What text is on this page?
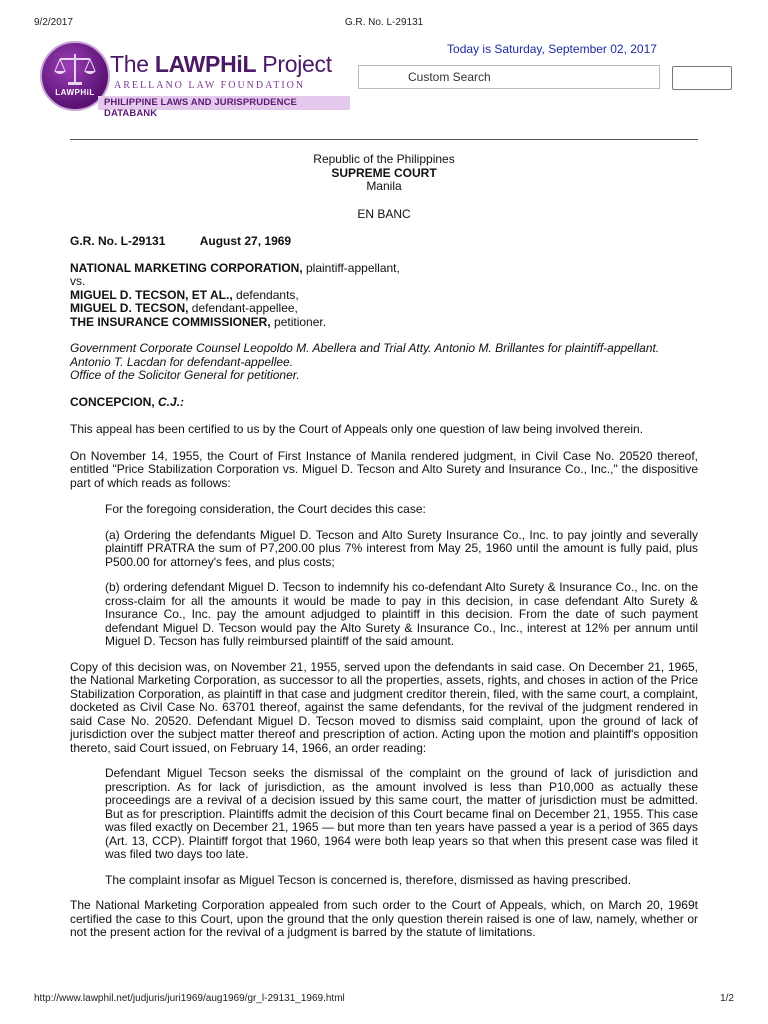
9/2/2017	G.R. No. L-29131
LAWPHiL
The LAWPHiL Project
ARELLANO LAW FOUNDATION
PHILIPPINE LAWS AND JURISPRUDENCE DATABANK
Today is Saturday, September 02, 2017
Custom Search
Republic of the Philippines
SUPREME COURT
Manila
EN BANC
G.R. No. L-29131	August 27, 1969
NATIONAL MARKETING CORPORATION, plaintiff-appellant,
vs.
MIGUEL D. TECSON, ET AL., defendants,
MIGUEL D. TECSON, defendant-appellee,
THE INSURANCE COMMISSIONER, petitioner.
Government Corporate Counsel Leopoldo M. Abellera and Trial Atty. Antonio M. Brillantes for plaintiff-appellant.
Antonio T. Lacdan for defendant-appellee.
Office of the Solicitor General for petitioner.
CONCEPCION, C.J.:

This appeal has been certified to us by the Court of Appeals only one question of law being involved therein.

On November 14, 1955, the Court of First Instance of Manila rendered judgment, in Civil Case No. 20520 thereof, entitled "Price Stabilization Corporation vs. Miguel D. Tecson and Alto Surety and Insurance Co., Inc.," the dispositive part of which reads as follows:

For the foregoing consideration, the Court decides this case:

(a) Ordering the defendants Miguel D. Tecson and Alto Surety Insurance Co., Inc. to pay jointly and severally plaintiff PRATRA the sum of P7,200.00 plus 7% interest from May 25, 1960 until the amount is fully paid, plus P500.00 for attorney's fees, and plus costs;

(b) ordering defendant Miguel D. Tecson to indemnify his co-defendant Alto Surety & Insurance Co., Inc. on the cross-claim for all the amounts it would be made to pay in this decision, in case defendant Alto Surety & Insurance Co., Inc. pay the amount adjudged to plaintiff in this decision. From the date of such payment defendant Miguel D. Tecson would pay the Alto Surety & Insurance Co., Inc., interest at 12% per annum until Miguel D. Tecson has fully reimbursed plaintiff of the said amount.

Copy of this decision was, on November 21, 1955, served upon the defendants in said case. On December 21, 1965, the National Marketing Corporation, as successor to all the properties, assets, rights, and choses in action of the Price Stabilization Corporation, as plaintiff in that case and judgment creditor therein, filed, with the same court, a complaint, docketed as Civil Case No. 63701 thereof, against the same defendants, for the revival of the judgment rendered in said Case No. 20520. Defendant Miguel D. Tecson moved to dismiss said complaint, upon the ground of lack of jurisdiction over the subject matter thereof and prescription of action. Acting upon the motion and plaintiff's opposition thereto, said Court issued, on February 14, 1966, an order reading:

Defendant Miguel Tecson seeks the dismissal of the complaint on the ground of lack of jurisdiction and prescription. As for lack of jurisdiction, as the amount involved is less than P10,000 as actually these proceedings are a revival of a decision issued by this same court, the matter of jurisdiction must be admitted. But as for prescription. Plaintiffs admit the decision of this Court became final on December 21, 1955. This case was filed exactly on December 21, 1965 — but more than ten years have passed a year is a period of 365 days (Art. 13, CCP). Plaintiff forgot that 1960, 1964 were both leap years so that when this present case was filed it was filed two days too late.

The complaint insofar as Miguel Tecson is concerned is, therefore, dismissed as having prescribed.

The National Marketing Corporation appealed from such order to the Court of Appeals, which, on March 20, 1969t certified the case to this Court, upon the ground that the only question therein raised is one of law, namely, whether or not the present action for the revival of a judgment is barred by the statute of limitations.

http://www.lawphil.net/judjuris/juri1969/aug1969/gr_l-29131_1969.html	1/2
